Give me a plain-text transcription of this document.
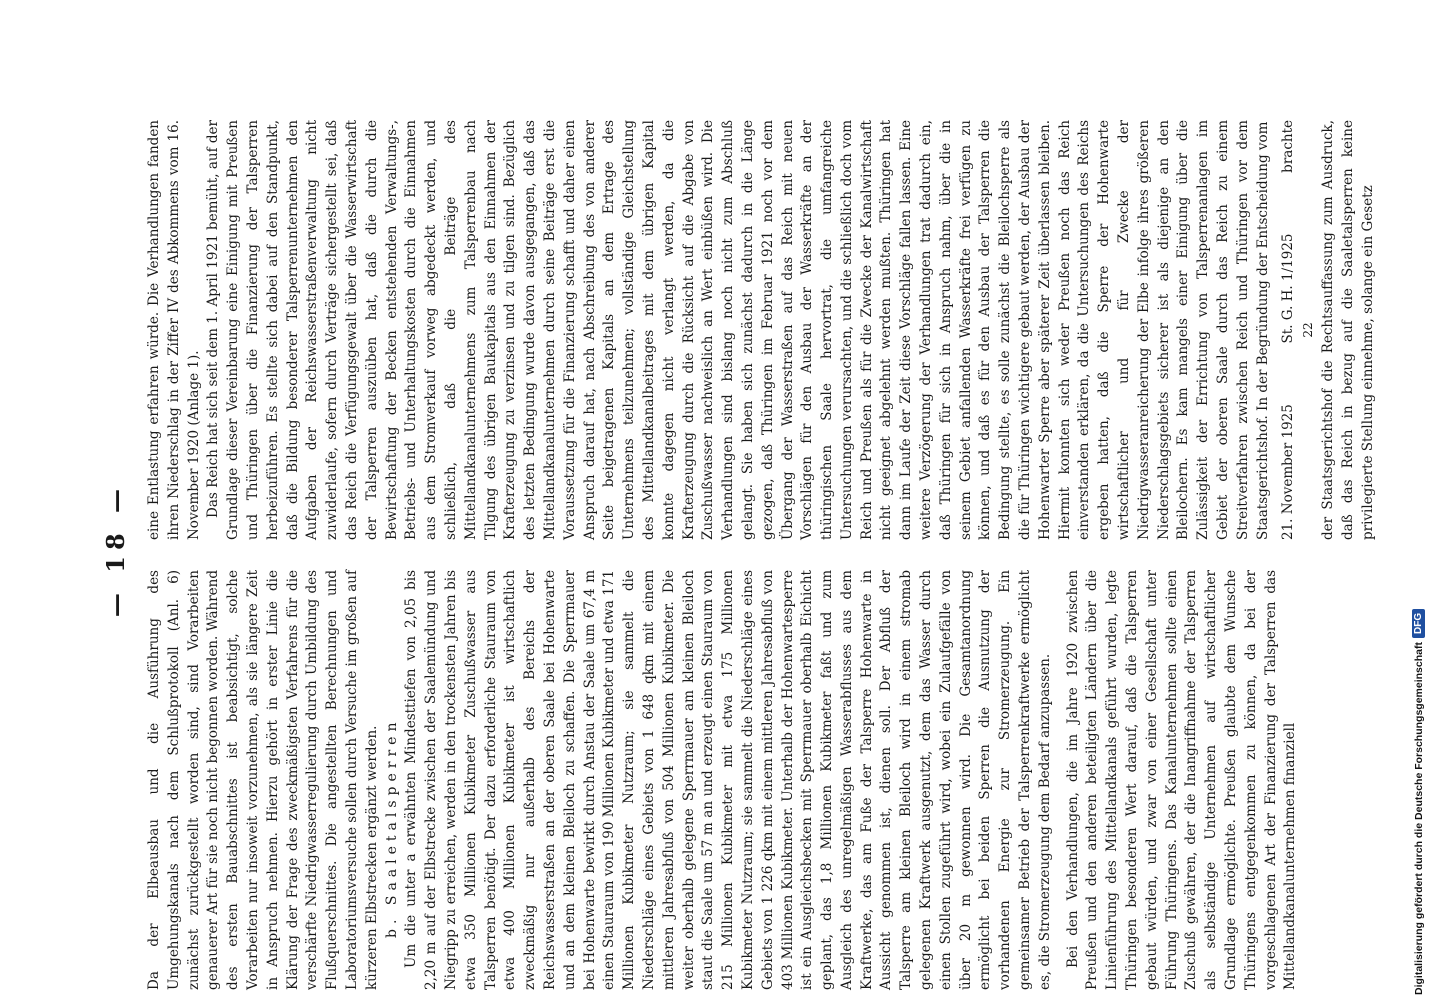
— 18 —

Da der Elbeausbau und die Ausführung des Umgehungskanals nach dem Schlußprotokoll (Anl. 6) zunächst zurückgestellt worden sind, sind Vorarbeiten genauerer Art für sie noch nicht begonnen worden. Während des ersten Bauabschnittes ist beabsichtigt, solche Vorarbeiten nur insoweit vorzunehmen, als sie längere Zeit in Anspruch nehmen. Hierzu gehört in erster Linie die Klärung der Frage des zweckmäßigsten Verfahrens für die verschärfte Niedrigwasserregulierung durch Umbildung des Flußquerschnittes. Die angestellten Berechnungen und Laboratoriumsversuche sollen durch Versuche im großen auf kürzeren Elbstrecken ergänzt werden. b. Saaletalsperren Um die unter a erwähnten Mindesttiefen von 2,05 bis 2,20 m auf der Elbstrecke zwischen der Saalemündung und Niegripp zu erreichen, werden in den trockensten Jahren bis etwa 350 Millionen Kubikmeter Zuschußwasser aus Talsperren benötigt. Der dazu erforderliche Stauraum von etwa 400 Millionen Kubikmeter ist wirtschaftlich zweckmäßig nur außerhalb des Bereichs der Reichswasserstraßen an der oberen Saale bei Hohenwarte und an dem kleinen Bleiloch zu schaffen. Die Sperrmauer bei Hohenwarte bewirkt durch Anstau der Saale um 67,4 m einen Stauraum von 190 Millionen Kubikmeter und etwa 171 Millionen Kubikmeter Nutzraum; sie sammelt die Niederschläge eines Gebiets von 1 648 qkm mit einem mittleren Jahresabfluß von 504 Millionen Kubikmeter. Die weiter oberhalb gelegene Sperrmauer am kleinen Bleiloch staut die Saale um 57 m an und erzeugt einen Stauraum von 215 Millionen Kubikmeter mit etwa 175 Millionen Kubikmeter Nutzraum; sie sammelt die Niederschläge eines Gebiets von 1 226 qkm mit einem mittleren Jahresabfluß von 403 Millionen Kubikmeter. Unterhalb der Hohenwartesperre ist ein Ausgleichsbecken mit Sperrmauer oberhalb Eichicht geplant, das 1,8 Millionen Kubikmeter faßt und zum Ausgleich des unregelmäßigen Wasserabflusses aus dem Kraftwerke, das am Fuße der Talsperre Hohenwarte in Aussicht genommen ist, dienen soll. Der Abfluß der Talsperre am kleinen Bleiloch wird in einem stromab gelegenen Kraftwerk ausgenutzt, dem das Wasser durch einen Stollen zugeführt wird, wobei ein Zulaufgefälle von über 20 m gewonnen wird. Die Gesamtanordnung ermöglicht bei beiden Sperren die Ausnutzung der vorhandenen Energie zur Stromerzeugung. Ein gemeinsamer Betrieb der Talsperrenkraftwerke ermöglicht es, die Stromerzeugung dem Bedarf anzupassen. Bei den Verhandlungen, die im Jahre 1920 zwischen Preußen und den anderen beteiligten Ländern über die Linienführung des Mittellandkanals geführt wurden, legte Thüringen besonderen Wert darauf, daß die Talsperren gebaut würden, und zwar von einer Gesellschaft unter Führung Thüringens. Das Kanalunternehmen sollte einen Zuschuß gewähren, der die Inangriffnahme der Talsperren als selbständige Unternehmen auf wirtschaftlicher Grundlage ermöglichte. Preußen glaubte dem Wunsche Thüringens entgegenkommen zu können, da bei der vorgeschlagenen Art der Finanzierung der Talsperren das Mittellandkanalunternehmen finanziell

eine Entlastung erfahren würde. Die Verhandlungen fanden ihren Niederschlag in der Ziffer IV des Abkommens vom 16. November 1920 (Anlage 1). Das Reich hat sich seit dem 1. April 1921 bemüht, auf der Grundlage dieser Vereinbarung eine Einigung mit Preußen und Thüringen über die Finanzierung der Talsperren herbeizuführen. Es stellte sich dabei auf den Standpunkt, daß die Bildung besonderer Talsperrenunternehmen den Aufgaben der Reichswasserstraßenverwaltung nicht zuwiderlaufe, sofern durch Verträge sichergestellt sei, daß das Reich die Verfügungsgewalt über die Wasserwirtschaft der Talsperren auszuüben hat, daß die durch die Bewirtschaftung der Becken entstehenden Verwaltungs-, Betriebs- und Unterhaltungskosten durch die Einnahmen aus dem Stromverkauf vorweg abgedeckt werden, und schließlich, daß die Beiträge des Mittellandkanalunternehmens zum Talsperrenbau nach Tilgung des übrigen Baukapitals aus den Einnahmen der Krafterzeugung zu verzinsen und zu tilgen sind. Bezüglich des letzten Bedingung wurde davon ausgegangen, daß das Mittellandkanalunternehmen durch seine Beiträge erst die Voraussetzung für die Finanzierung schafft und daher einen Anspruch darauf hat, nach Abschreibung des von anderer Seite beigetragenen Kapitals an dem Ertrage des Unternehmens teilzunehmen; vollständige Gleichstellung des Mittellandkanalbeitrages mit dem übrigen Kapital konnte dagegen nicht verlangt werden, da die Krafterzeugung durch die Rücksicht auf die Abgabe von Zuschußwasser nachweislich an Wert einbüßen wird. Die Verhandlungen sind bislang noch nicht zum Abschluß gelangt. Sie haben sich zunächst dadurch in die Länge gezogen, daß Thüringen im Februar 1921 noch vor dem Übergang der Wasserstraßen auf das Reich mit neuen Vorschlägen für den Ausbau der Wasserkräfte an der thüringischen Saale hervortrat, die umfangreiche Untersuchungen verursachten, und die schließlich doch vom Reich und Preußen als für die Zwecke der Kanalwirtschaft nicht geeignet abgelehnt werden mußten. Thüringen hat dann im Laufe der Zeit diese Vorschläge fallen lassen. Eine weitere Verzögerung der Verhandlungen trat dadurch ein, daß Thüringen für sich in Anspruch nahm, über die in seinem Gebiet anfallenden Wasserkräfte frei verfügen zu können, und daß es für den Ausbau der Talsperren die Bedingung stellte, es solle zunächst die Bleilochsperre als die für Thüringen wichtigere gebaut werden, der Ausbau der Hohenwarter Sperre aber späterer Zeit überlassen bleiben. Hiermit konnten sich weder Preußen noch das Reich einverstanden erklären, da die Untersuchungen des Reichs ergeben hatten, daß die Sperre der Hohenwarte wirtschaftlicher und für Zwecke der Niedrigwasseranreicherung der Elbe infolge ihres größeren Niederschlagsgebiets sicherer ist als diejenige an den Bleilochern. Es kam mangels einer Einigung über die Zulässigkeit der Errichtung von Talsperrenanlagen im Gebiet der oberen Saale durch das Reich zu einem Streitverfahren zwischen Reich und Thüringen vor dem Staatsgerichtshof. In der Begründung der Entscheidung vom 21. November 1925
St. G. H. 1/1925
brachte

22 der Staatsgerichtshof die Rechtsauffassung zum Ausdruck, daß das Reich in bezug auf die Saaletalsperren keine privilegierte Stellung einnehme, solange ein Gesetz

Digitalisierung gefördert durch die Deutsche Forschungsgemeinschaft
DFG
